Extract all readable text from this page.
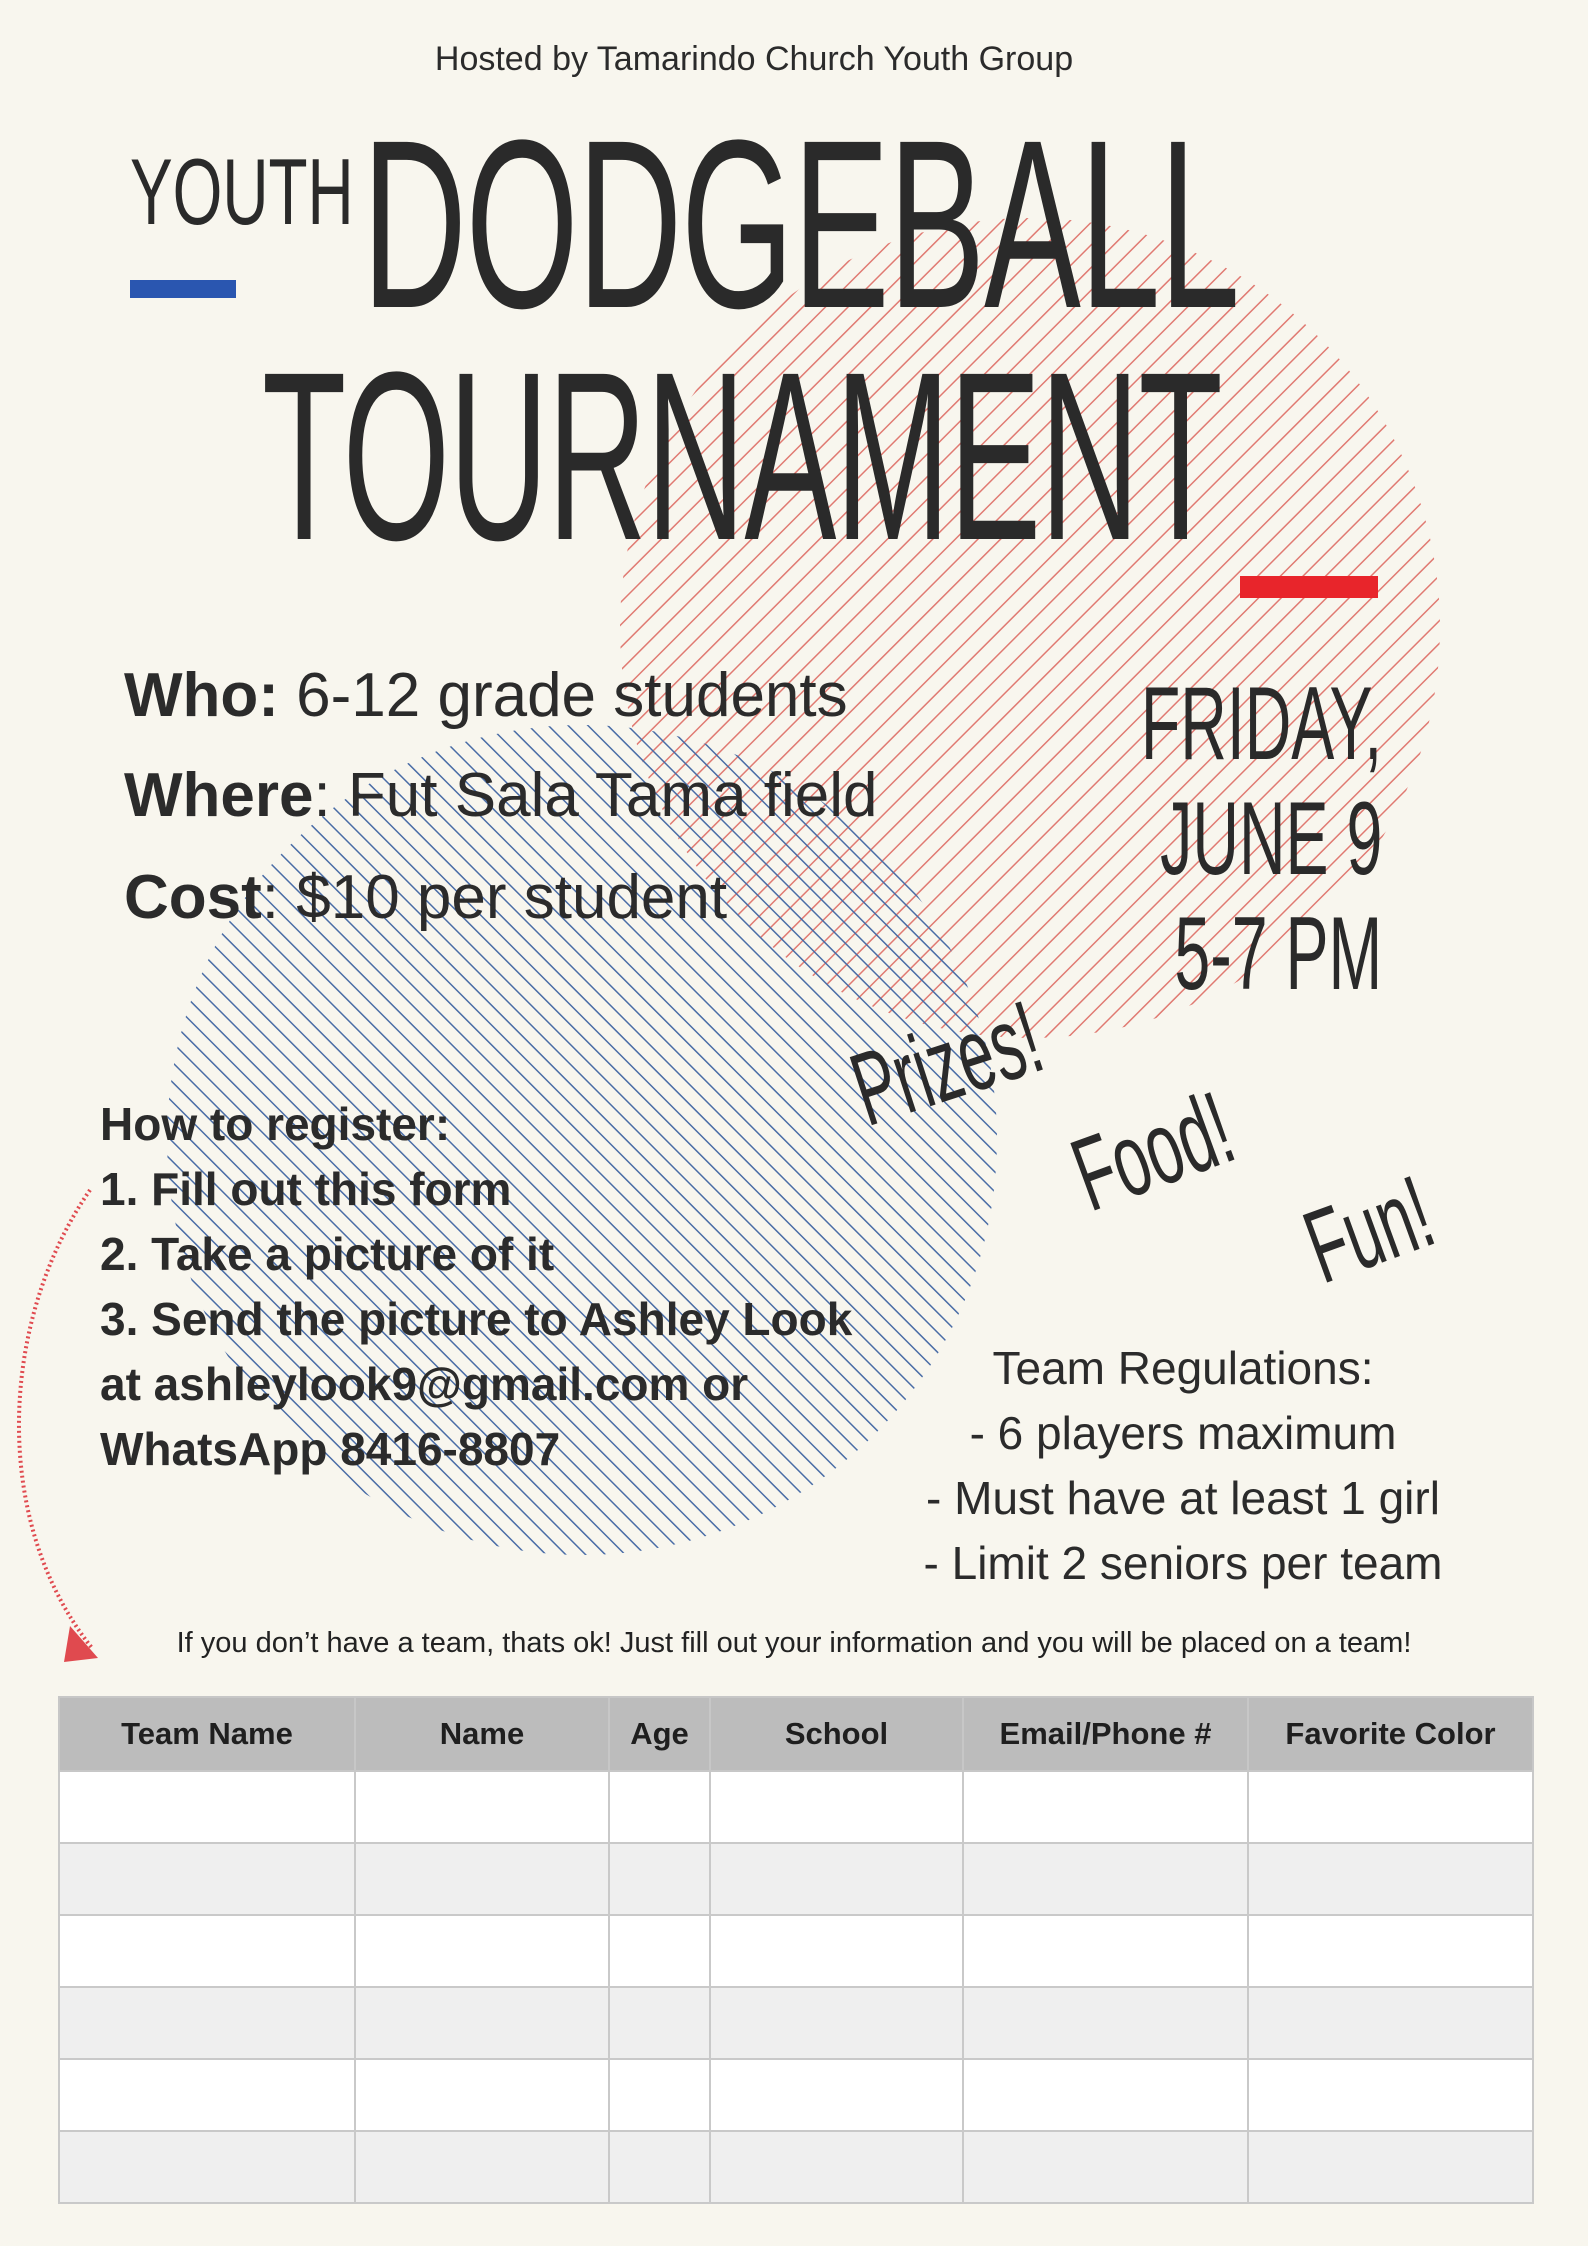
Hosted by Tamarindo Church Youth Group
YOUTH DODGEBALL
TOURNAMENT
Who: 6-12 grade students
Where: Fut Sala Tama field
Cost: $10 per student
FRIDAY,
JUNE 9
5-7 PM
Prizes!
Food! Fun!
How to register:
1. Fill out this form
2. Take a picture of it
3. Send the picture to Ashley Look
at ashleylook9@gmail.com or
WhatsApp 8416-8807
Team Regulations:
- 6 players maximum
- Must have at least 1 girl
- Limit 2 seniors per team
If you don’t have a team, thats ok! Just fill out your information and you will be placed on a team!
Team Name	Name	Age	School	Email/Phone #	Favorite Color
